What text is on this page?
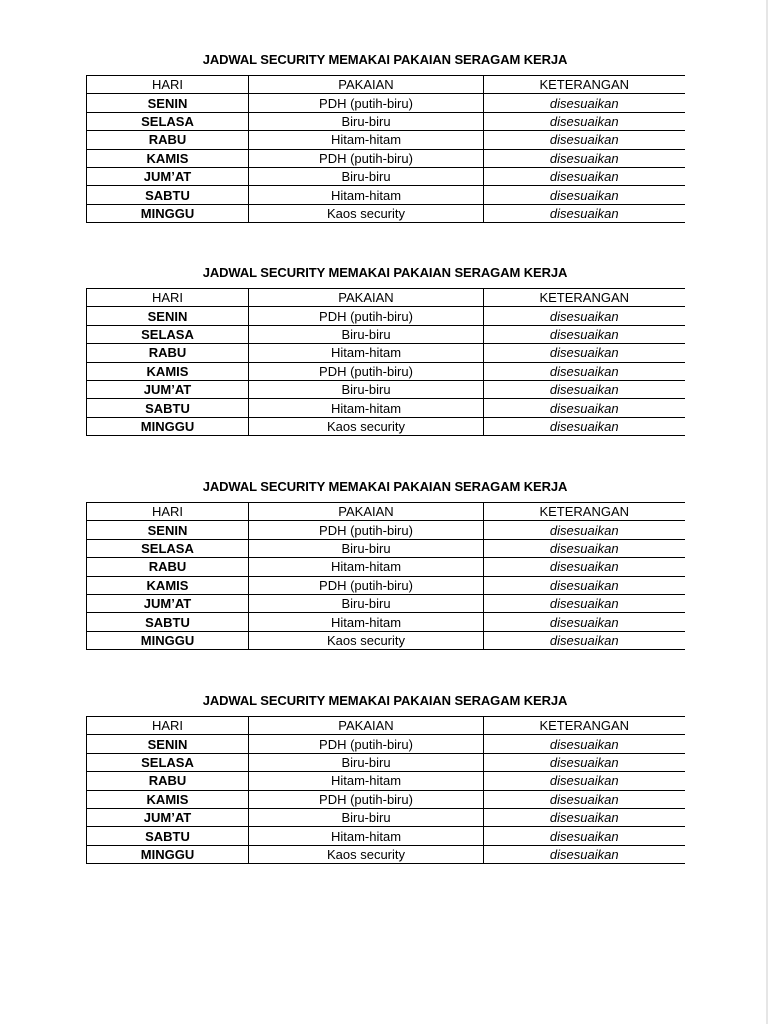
JADWAL SECURITY MEMAKAI PAKAIAN SERAGAM KERJA
HARI	PAKAIAN	KETERANGAN
SENIN	PDH (putih-biru)	disesuaikan
SELASA	Biru-biru	disesuaikan
RABU	Hitam-hitam	disesuaikan
KAMIS	PDH (putih-biru)	disesuaikan
JUM’AT	Biru-biru	disesuaikan
SABTU	Hitam-hitam	disesuaikan
MINGGU	Kaos security	disesuaikan
JADWAL SECURITY MEMAKAI PAKAIAN SERAGAM KERJA
HARI	PAKAIAN	KETERANGAN
SENIN	PDH (putih-biru)	disesuaikan
SELASA	Biru-biru	disesuaikan
RABU	Hitam-hitam	disesuaikan
KAMIS	PDH (putih-biru)	disesuaikan
JUM’AT	Biru-biru	disesuaikan
SABTU	Hitam-hitam	disesuaikan
MINGGU	Kaos security	disesuaikan
JADWAL SECURITY MEMAKAI PAKAIAN SERAGAM KERJA
HARI	PAKAIAN	KETERANGAN
SENIN	PDH (putih-biru)	disesuaikan
SELASA	Biru-biru	disesuaikan
RABU	Hitam-hitam	disesuaikan
KAMIS	PDH (putih-biru)	disesuaikan
JUM’AT	Biru-biru	disesuaikan
SABTU	Hitam-hitam	disesuaikan
MINGGU	Kaos security	disesuaikan
JADWAL SECURITY MEMAKAI PAKAIAN SERAGAM KERJA
HARI	PAKAIAN	KETERANGAN
SENIN	PDH (putih-biru)	disesuaikan
SELASA	Biru-biru	disesuaikan
RABU	Hitam-hitam	disesuaikan
KAMIS	PDH (putih-biru)	disesuaikan
JUM’AT	Biru-biru	disesuaikan
SABTU	Hitam-hitam	disesuaikan
MINGGU	Kaos security	disesuaikan
